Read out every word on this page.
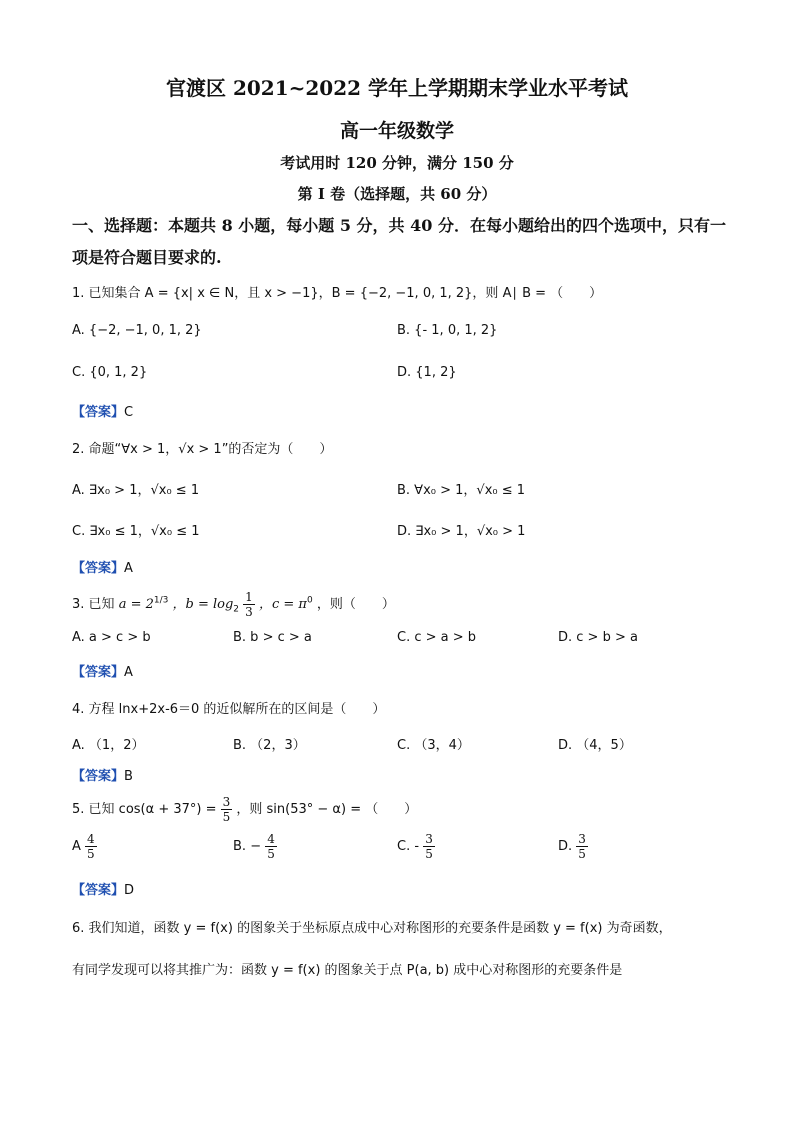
官渡区 2021~2022 学年上学期期末学业水平考试
高一年级数学
考试用时 120 分钟，满分 150 分
第 I 卷（选择题，共 60 分）
一、选择题：本题共 8 小题，每小题 5 分，共 40 分．在每小题给出的四个选项中，只有一
项是符合题目要求的.
1. 已知集合 A = {x| x ∈ N，且 x > −1}，B = {−2, −1, 0, 1, 2}，则 A∣ B = （　　）
A. {−2, −1, 0, 1, 2}	B. {- 1, 0, 1, 2}
C. {0, 1, 2}	D. {1, 2}
【答案】C
2. 命题“∀x > 1，√x > 1”的否定为（　　）
A. ∃x₀ > 1，√x₀ ≤ 1	B. ∀x₀ > 1，√x₀ ≤ 1
C. ∃x₀ ≤ 1，√x₀ ≤ 1	D. ∃x₀ > 1，√x₀ > 1
【答案】A
3. 已知 $a = 2^{1/3}$ ，$b = \log_2 \frac{1}{3}$ ，$c = \pi^0$ ，则（　　）
A. a > c > b	B. b > c > a	C. c > a > b	D. c > b > a
【答案】A
4. 方程 lnx+2x-6＝0 的近似解所在的区间是（　　）
A. （1，2）	B. （2，3）	C. （3，4）	D. （4，5）
【答案】B
5. 已知 $\cos(\alpha + 37^\circ) = \frac{3}{5}$ ，则 sin(53° − α) = （　　）
A $\frac{4}{5}$	B. − $\frac{4}{5}$	C. - $\frac{3}{5}$	D. $\frac{3}{5}$
【答案】D
6. 我们知道，函数 y = f(x) 的图象关于坐标原点成中心对称图形的充要条件是函数 y = f(x) 为奇函数，
有同学发现可以将其推广为：函数 y = f(x) 的图象关于点 P(a, b) 成中心对称图形的充要条件是
